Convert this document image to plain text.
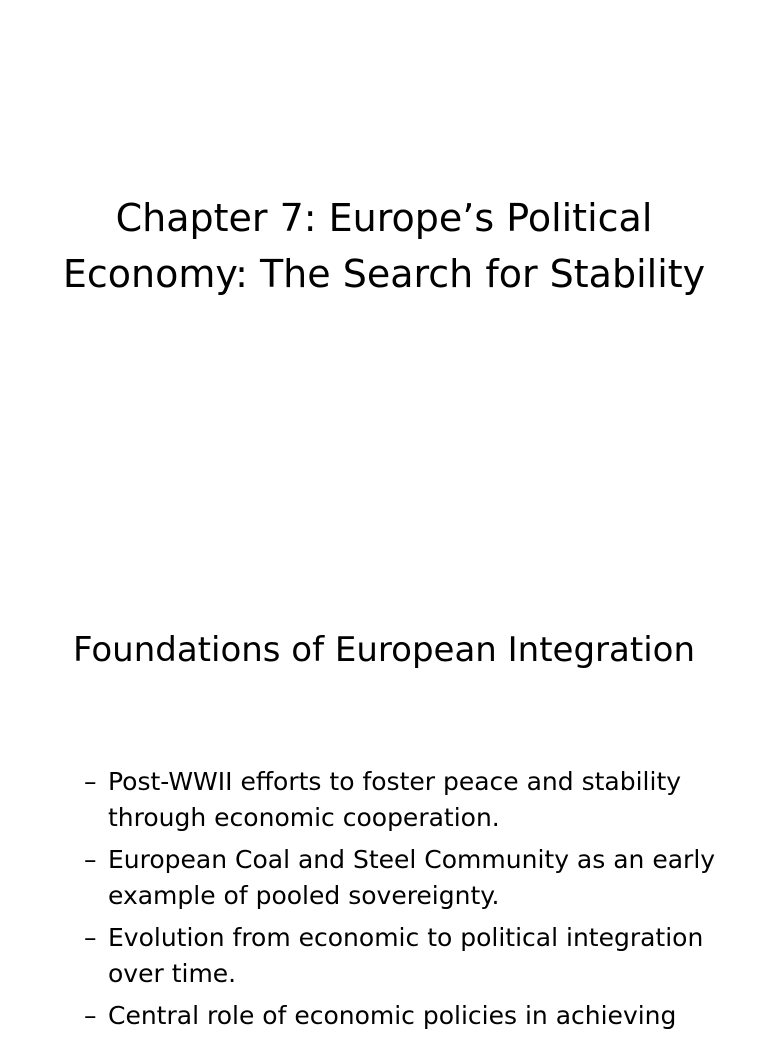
Chapter 7: Europe’s Political
Economy: The Search for Stability
Foundations of European Integration
– Post-WWII efforts to foster peace and stability through economic cooperation.
– European Coal and Steel Community as an early example of pooled sovereignty.
– Evolution from economic to political integration over time.
– Central role of economic policies in achieving
